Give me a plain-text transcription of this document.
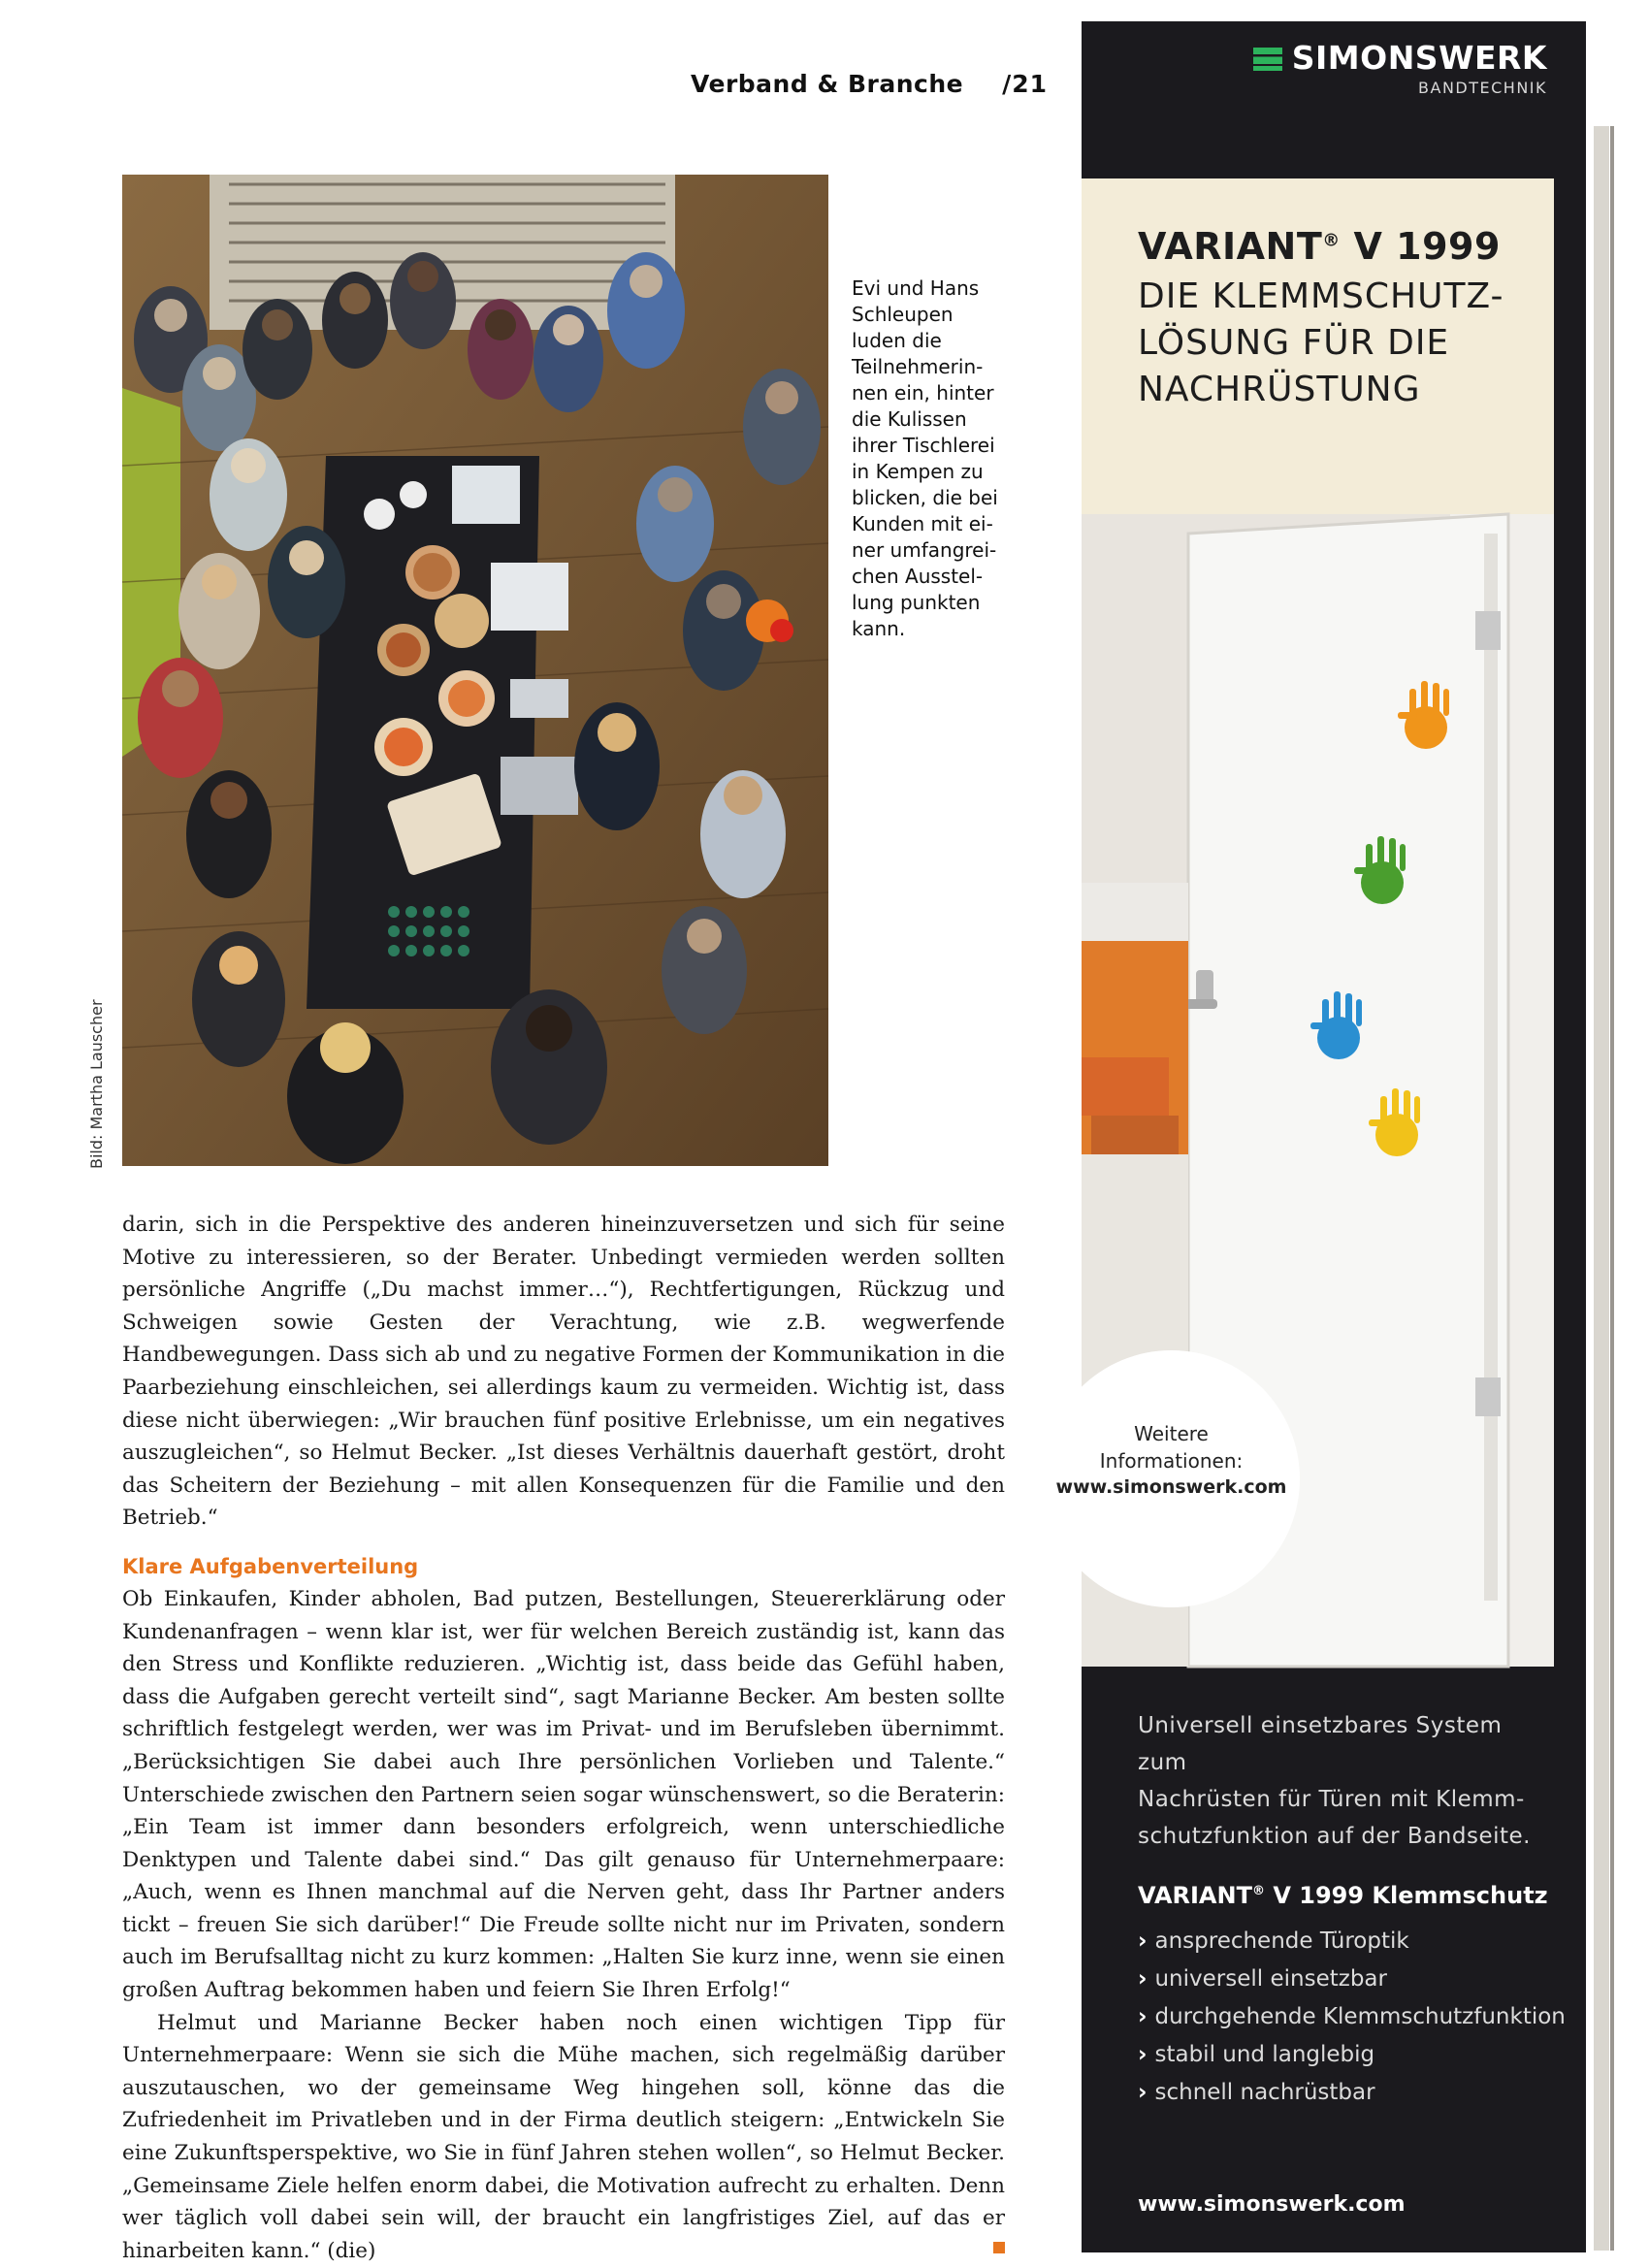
Verband & Branche /21
Bild: Martha Lauscher
Evi und Hans
Schleupen
luden die
Teilnehmerin-
nen ein, hinter
die Kulissen
ihrer Tischlerei
in Kempen zu
blicken, die bei
Kunden mit ei-
ner umfangrei-
chen Ausstel-
lung punkten
kann.

darin, sich in die Perspektive des anderen hineinzuversetzen und sich für seine Motive zu interessieren, so der Berater. Unbedingt vermieden werden sollten persönliche Angriffe („Du machst immer…“), Rechtfertigungen, Rückzug und Schweigen sowie Gesten der Verachtung, wie z.B. wegwerfende Handbewegungen. Dass sich ab und zu negative Formen der Kommunikation in die Paarbeziehung einschleichen, sei allerdings kaum zu vermeiden. Wichtig ist, dass diese nicht überwiegen: „Wir brauchen fünf positive Erlebnisse, um ein negatives auszugleichen“, so Helmut Becker. „Ist dieses Verhältnis dauerhaft gestört, droht das Scheitern der Beziehung – mit allen Konsequenzen für die Familie und den Betrieb.“

Klare Aufgabenverteilung

Ob Einkaufen, Kinder abholen, Bad putzen, Bestellungen, Steuererklärung oder Kundenanfragen – wenn klar ist, wer für welchen Bereich zuständig ist, kann das den Stress und Konflikte reduzieren. „Wichtig ist, dass beide das Gefühl haben, dass die Aufgaben gerecht verteilt sind“, sagt Marianne Becker. Am besten sollte schriftlich festgelegt werden, wer was im Privat- und im Berufsleben übernimmt. „Berücksichtigen Sie dabei auch Ihre persönlichen Vorlieben und Talente.“ Unterschiede zwischen den Partnern seien sogar wünschenswert, so die Beraterin: „Ein Team ist immer dann besonders erfolgreich, wenn unterschiedliche Denktypen und Talente dabei sind.“ Das gilt genauso für Unternehmerpaare: „Auch, wenn es Ihnen manchmal auf die Nerven geht, dass Ihr Partner anders tickt – freuen Sie sich darüber!“ Die Freude sollte nicht nur im Privaten, sondern auch im Berufsalltag nicht zu kurz kommen: „Halten Sie kurz inne, wenn sie einen großen Auftrag bekommen haben und feiern Sie Ihren Erfolg!“

Helmut und Marianne Becker haben noch einen wichtigen Tipp für Unternehmerpaare: Wenn sie sich die Mühe machen, sich regelmäßig darüber auszutauschen, wo der gemeinsame Weg hingehen soll, könne das die Zufriedenheit im Privatleben und in der Firma deutlich steigern: „Entwickeln Sie eine Zukunftsperspektive, wo Sie in fünf Jahren stehen wollen“, so Helmut Becker. „Gemeinsame Ziele helfen enorm dabei, die Motivation aufrecht zu erhalten. Denn wer täglich voll dabei sein will, der braucht ein langfristiges Ziel, auf das er hinarbeiten kann.“ (die)

SIMONSWERK
BANDTECHNIK
VARIANT® V 1999
DIE KLEMMSCHUTZ-
LÖSUNG FÜR DIE
NACHRÜSTUNG
Weitere
Informationen:
www.simonswerk.com
Universell einsetzbares System zum
Nachrüsten für Türen mit Klemm-
schutzfunktion auf der Bandseite.
VARIANT® V 1999 Klemmschutz
› ansprechende Türoptik
› universell einsetzbar
› durchgehende Klemmschutzfunktion
› stabil und langlebig
› schnell nachrüstbar
www.simonswerk.com
